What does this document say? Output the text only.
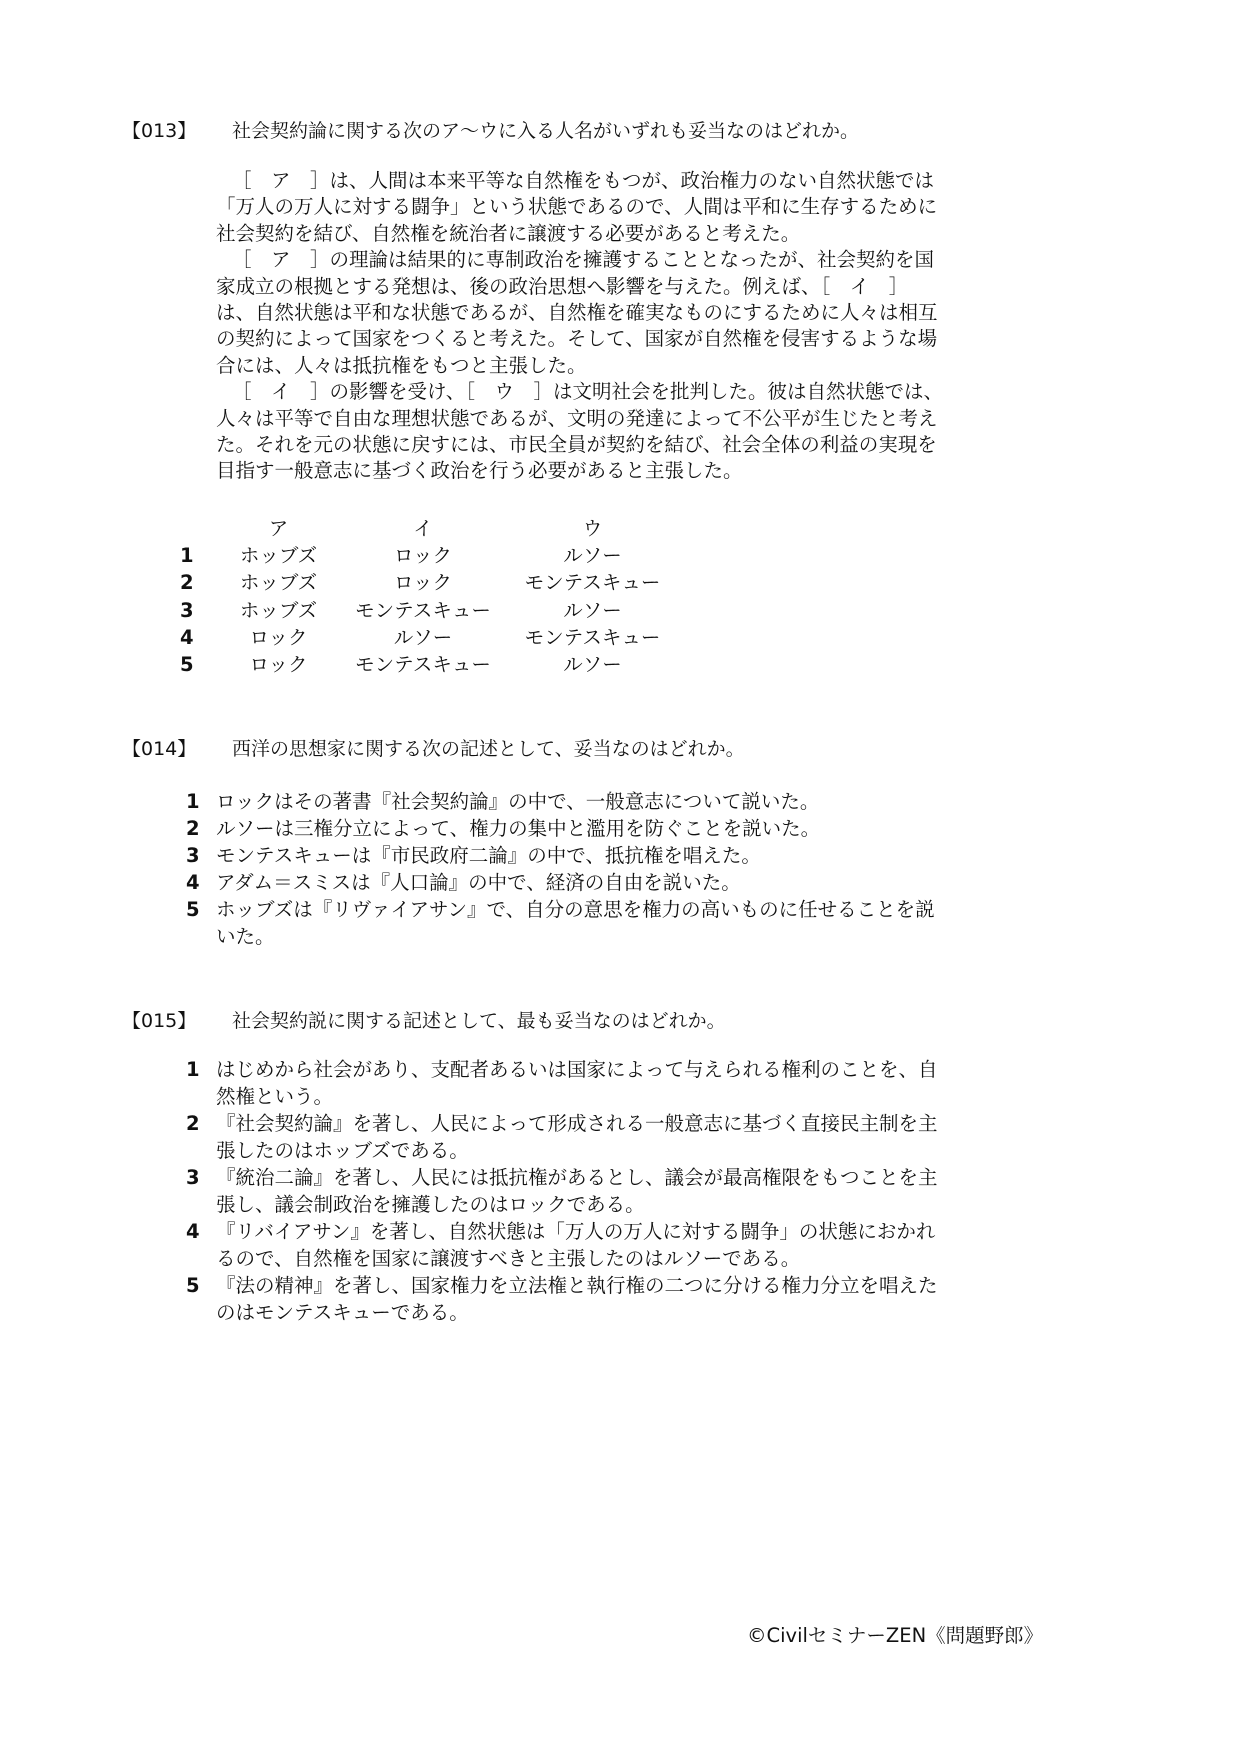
【013】 社会契約論に関する次のア〜ウに入る人名がいずれも妥当なのはどれか。

［　ア　］は、人間は本来平等な自然権をもつが、政治権力のない自然状態では「万人の万人に対する闘争」という状態であるので、人間は平和に生存するために社会契約を結び、自然権を統治者に譲渡する必要があると考えた。

［　ア　］の理論は結果的に専制政治を擁護することとなったが、社会契約を国家成立の根拠とする発想は、後の政治思想へ影響を与えた。例えば、［　イ　］は、自然状態は平和な状態であるが、自然権を確実なものにするために人々は相互の契約によって国家をつくると考えた。そして、国家が自然権を侵害するような場合には、人々は抵抗権をもつと主張した。

［　イ　］の影響を受け、［　ウ　］は文明社会を批判した。彼は自然状態では、人々は平等で自由な理想状態であるが、文明の発達によって不公平が生じたと考えた。それを元の状態に戻すには、市民全員が契約を結び、社会全体の利益の実現を目指す一般意志に基づく政治を行う必要があると主張した。

ア	イ	ウ
1	ホッブズ	ロック	ルソー
2	ホッブズ	ロック	モンテスキュー
3	ホッブズ	モンテスキュー	ルソー
4	ロック	ルソー	モンテスキュー
5	ロック	モンテスキュー	ルソー
【014】 西洋の思想家に関する次の記述として、妥当なのはどれか。
1 ロックはその著書『社会契約論』の中で、一般意志について説いた。
2 ルソーは三権分立によって、権力の集中と濫用を防ぐことを説いた。
3 モンテスキューは『市民政府二論』の中で、抵抗権を唱えた。
4 アダム＝スミスは『人口論』の中で、経済の自由を説いた。
5 ホッブズは『リヴァイアサン』で、自分の意思を権力の高いものに任せることを説いた。
【015】 社会契約説に関する記述として、最も妥当なのはどれか。
1 はじめから社会があり、支配者あるいは国家によって与えられる権利のことを、自然権という。
2 『社会契約論』を著し、人民によって形成される一般意志に基づく直接民主制を主張したのはホッブズである。
3 『統治二論』を著し、人民には抵抗権があるとし、議会が最高権限をもつことを主張し、議会制政治を擁護したのはロックである。
4 『リバイアサン』を著し、自然状態は「万人の万人に対する闘争」の状態におかれるので、自然権を国家に譲渡すべきと主張したのはルソーである。
5 『法の精神』を著し、国家権力を立法権と執行権の二つに分ける権力分立を唱えたのはモンテスキューである。
©CivilセミナーZEN《問題野郎》
